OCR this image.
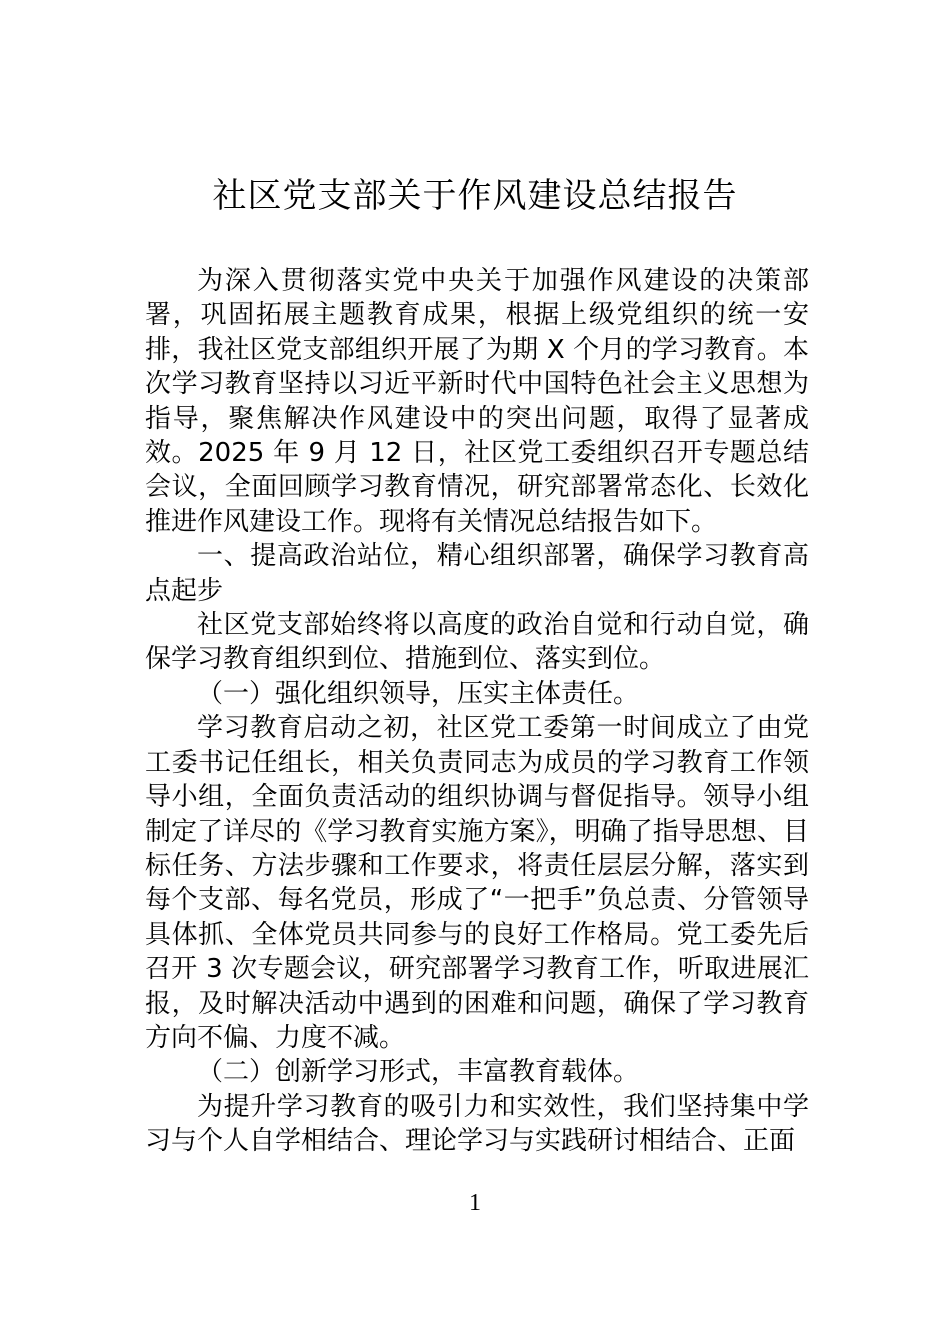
社区党支部关于作风建设总结报告

为深入贯彻落实党中央关于加强作风建设的决策部署，巩固拓展主题教育成果，根据上级党组织的统一安排，我社区党支部组织开展了为期 X 个月的学习教育。本次学习教育坚持以习近平新时代中国特色社会主义思想为指导，聚焦解决作风建设中的突出问题，取得了显著成效。2025 年 9 月 12 日，社区党工委组织召开专题总结会议，全面回顾学习教育情况，研究部署常态化、长效化推进作风建设工作。现将有关情况总结报告如下。

一、提高政治站位，精心组织部署，确保学习教育高点起步

社区党支部始终将以高度的政治自觉和行动自觉，确保学习教育组织到位、措施到位、落实到位。

（一）强化组织领导，压实主体责任。

学习教育启动之初，社区党工委第一时间成立了由党工委书记任组长，相关负责同志为成员的学习教育工作领导小组，全面负责活动的组织协调与督促指导。领导小组制定了详尽的《学习教育实施方案》，明确了指导思想、目标任务、方法步骤和工作要求，将责任层层分解，落实到每个支部、每名党员，形成了“一把手”负总责、分管领导具体抓、全体党员共同参与的良好工作格局。党工委先后召开 3 次专题会议，研究部署学习教育工作，听取进展汇报，及时解决活动中遇到的困难和问题，确保了学习教育方向不偏、力度不减。

（二）创新学习形式，丰富教育载体。

为提升学习教育的吸引力和实效性，我们坚持集中学习与个人自学相结合、理论学习与实践研讨相结合、正面

1
